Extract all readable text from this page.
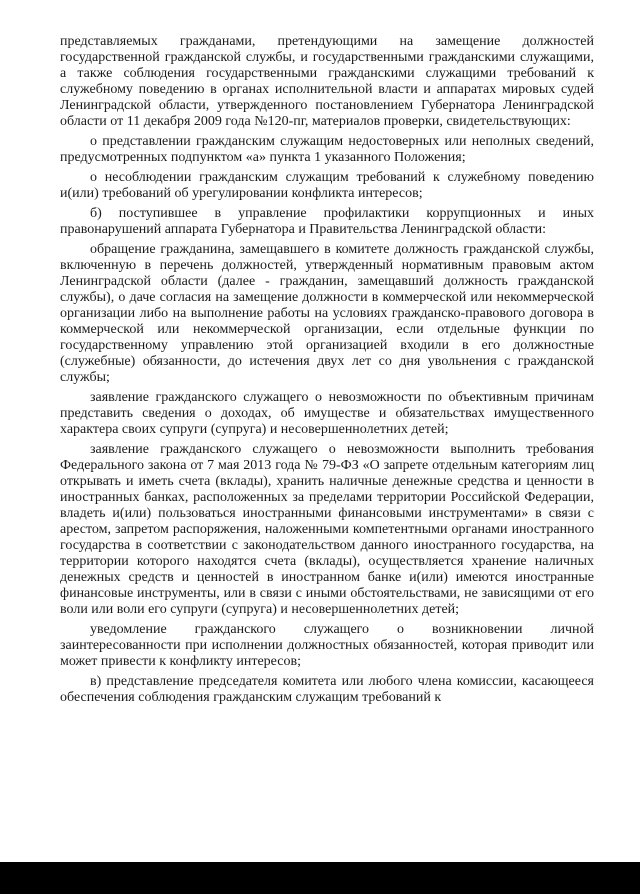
представляемых гражданами, претендующими на замещение должностей государственной гражданской службы, и государственными гражданскими служащими, а также соблюдения государственными гражданскими служащими требований к служебному поведению в органах исполнительной власти и аппаратах мировых судей Ленинградской области, утвержденного постановлением Губернатора Ленинградской области от 11 декабря 2009 года №120-пг, материалов проверки, свидетельствующих:

о представлении гражданским служащим недостоверных или неполных сведений, предусмотренных подпунктом «а» пункта 1 указанного Положения;

о несоблюдении гражданским служащим требований к служебному поведению и(или) требований об урегулировании конфликта интересов;

б) поступившее в управление профилактики коррупционных и иных правонарушений аппарата Губернатора и Правительства Ленинградской области:

обращение гражданина, замещавшего в комитете должность гражданской службы, включенную в перечень должностей, утвержденный нормативным правовым актом Ленинградской области (далее - гражданин, замещавший должность гражданской службы), о даче согласия на замещение должности в коммерческой или некоммерческой организации либо на выполнение работы на условиях гражданско-правового договора в коммерческой или некоммерческой организации, если отдельные функции по государственному управлению этой организацией входили в его должностные (служебные) обязанности, до истечения двух лет со дня увольнения с гражданской службы;

заявление гражданского служащего о невозможности по объективным причинам представить сведения о доходах, об имуществе и обязательствах имущественного характера своих супруги (супруга) и несовершеннолетних детей;

заявление гражданского служащего о невозможности выполнить требования Федерального закона от 7 мая 2013 года № 79-ФЗ «О запрете отдельным категориям лиц открывать и иметь счета (вклады), хранить наличные денежные средства и ценности в иностранных банках, расположенных за пределами территории Российской Федерации, владеть и(или) пользоваться иностранными финансовыми инструментами» в связи с арестом, запретом распоряжения, наложенными компетентными органами иностранного государства в соответствии с законодательством данного иностранного государства, на территории которого находятся счета (вклады), осуществляется хранение наличных денежных средств и ценностей в иностранном банке и(или) имеются иностранные финансовые инструменты, или в связи с иными обстоятельствами, не зависящими от его воли или воли его супруги (супруга) и несовершеннолетних детей;

уведомление гражданского служащего о возникновении личной заинтересованности при исполнении должностных обязанностей, которая приводит или может привести к конфликту интересов;

в) представление председателя комитета или любого члена комиссии, касающееся обеспечения соблюдения гражданским служащим требований к
